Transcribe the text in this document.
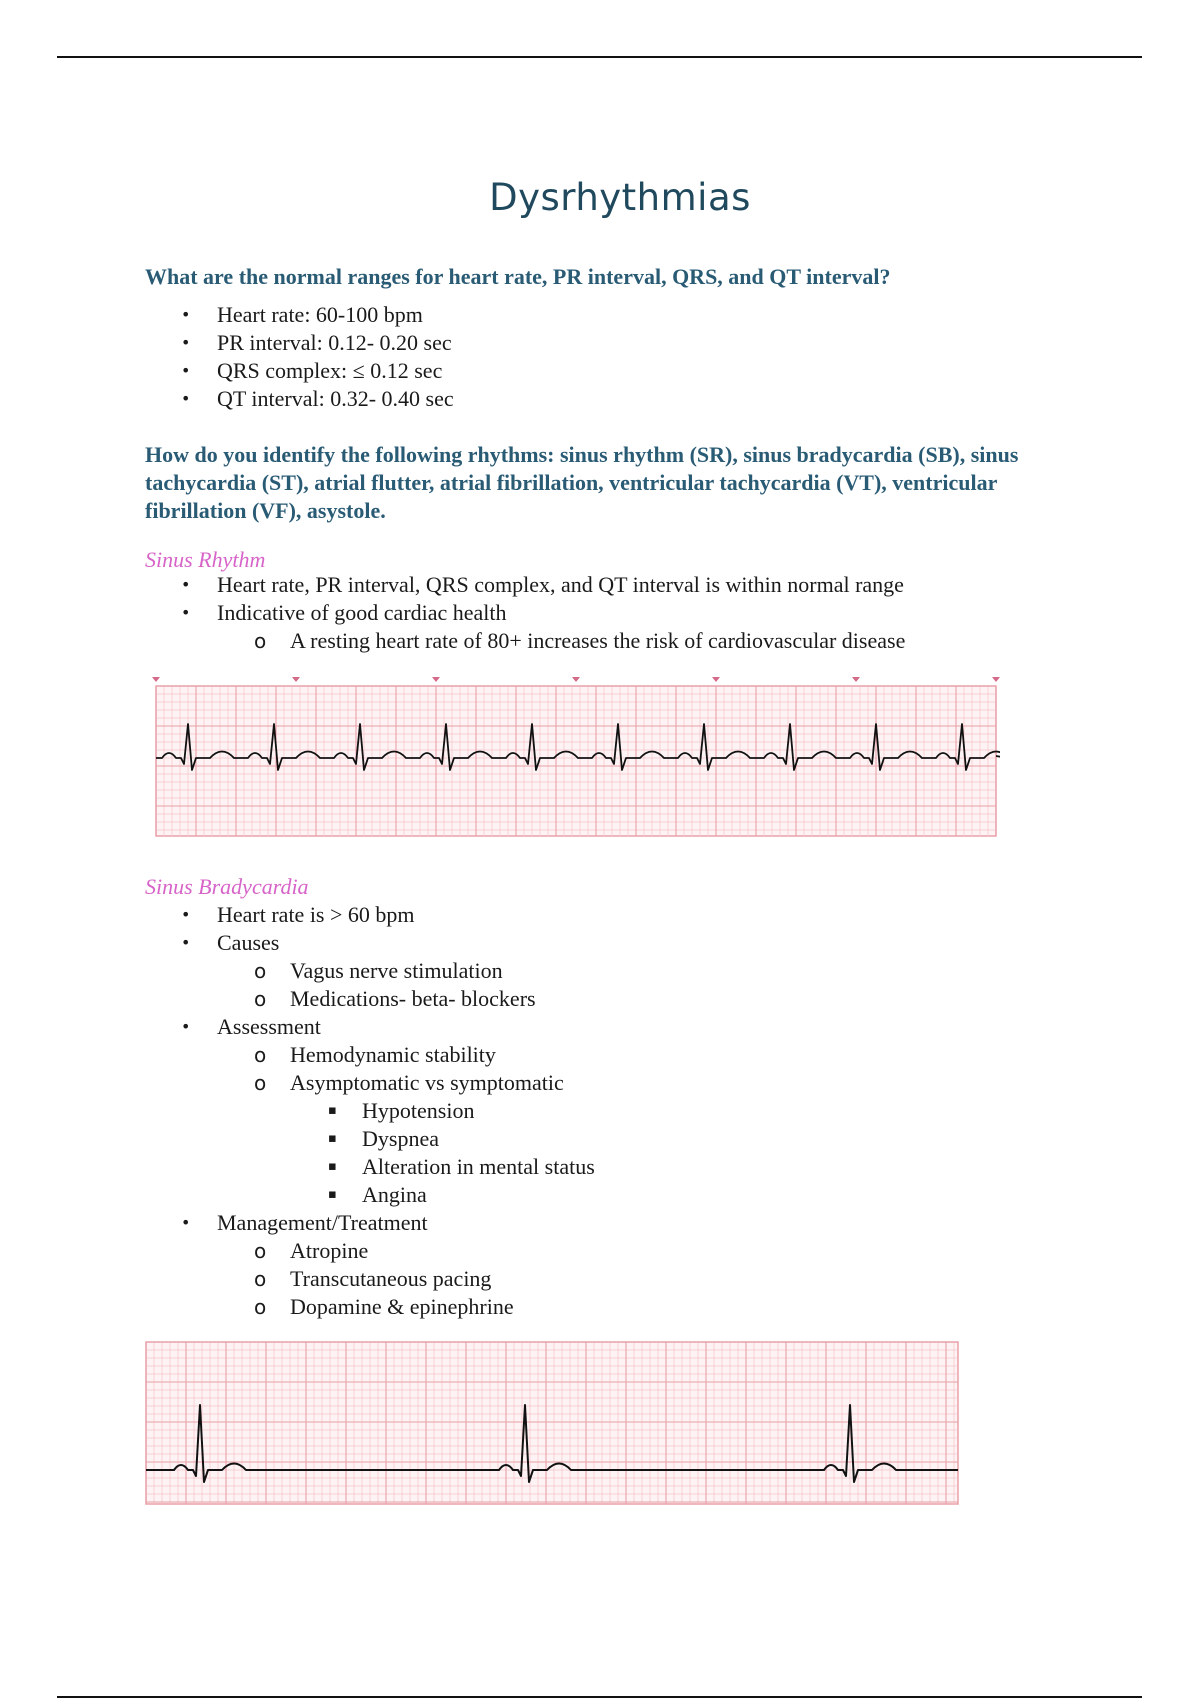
Dysrhythmias
What are the normal ranges for heart rate, PR interval, QRS, and QT interval?
• Heart rate: 60-100 bpm
• PR interval: 0.12- 0.20 sec
• QRS complex: ≤ 0.12 sec
• QT interval: 0.32- 0.40 sec
How do you identify the following rhythms: sinus rhythm (SR), sinus bradycardia (SB), sinus tachycardia (ST), atrial flutter, atrial fibrillation, ventricular tachycardia (VT), ventricular fibrillation (VF), asystole.
Sinus Rhythm
• Heart rate, PR interval, QRS complex, and QT interval is within normal range
• Indicative of good cardiac health
o A resting heart rate of 80+ increases the risk of cardiovascular disease
Sinus Bradycardia
• Heart rate is > 60 bpm
• Causes
o Vagus nerve stimulation
o Medications- beta- blockers
• Assessment
o Hemodynamic stability
o Asymptomatic vs symptomatic
▪ Hypotension
▪ Dyspnea
▪ Alteration in mental status
▪ Angina
• Management/Treatment
o Atropine
o Transcutaneous pacing
o Dopamine & epinephrine
